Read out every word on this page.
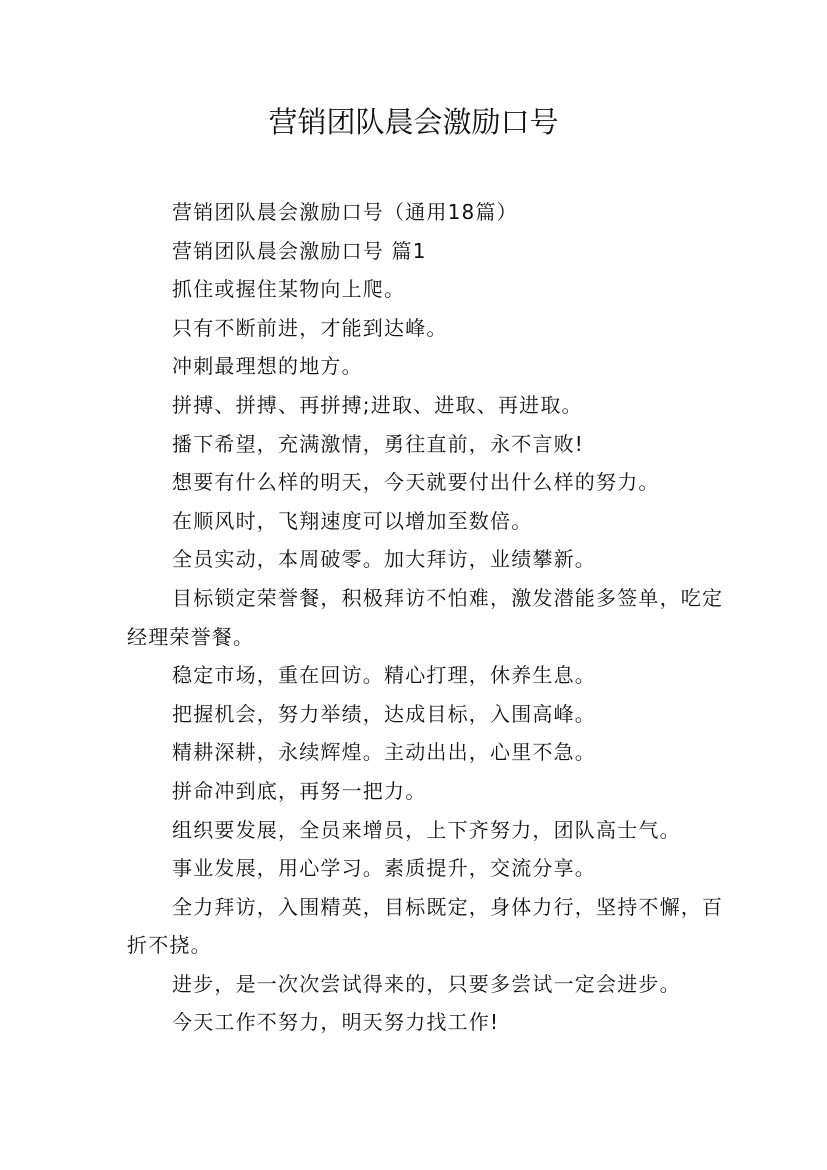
营销团队晨会激励口号

营销团队晨会激励口号（通用18篇）

营销团队晨会激励口号 篇1

抓住或握住某物向上爬。

只有不断前进，才能到达峰。

冲刺最理想的地方。

拼搏、拼搏、再拼搏;进取、进取、再进取。

播下希望，充满激情，勇往直前，永不言败!

想要有什么样的明天，今天就要付出什么样的努力。

在顺风时，飞翔速度可以增加至数倍。

全员实动，本周破零。加大拜访，业绩攀新。

目标锁定荣誉餐，积极拜访不怕难，激发潜能多签单，吃定经理荣誉餐。

稳定市场，重在回访。精心打理，休养生息。

把握机会，努力举绩，达成目标，入围高峰。

精耕深耕，永续辉煌。主动出出，心里不急。

拼命冲到底，再努一把力。

组织要发展，全员来增员，上下齐努力，团队高士气。

事业发展，用心学习。素质提升，交流分享。

全力拜访，入围精英，目标既定，身体力行，坚持不懈，百折不挠。

进步，是一次次尝试得来的，只要多尝试一定会进步。

今天工作不努力，明天努力找工作!
